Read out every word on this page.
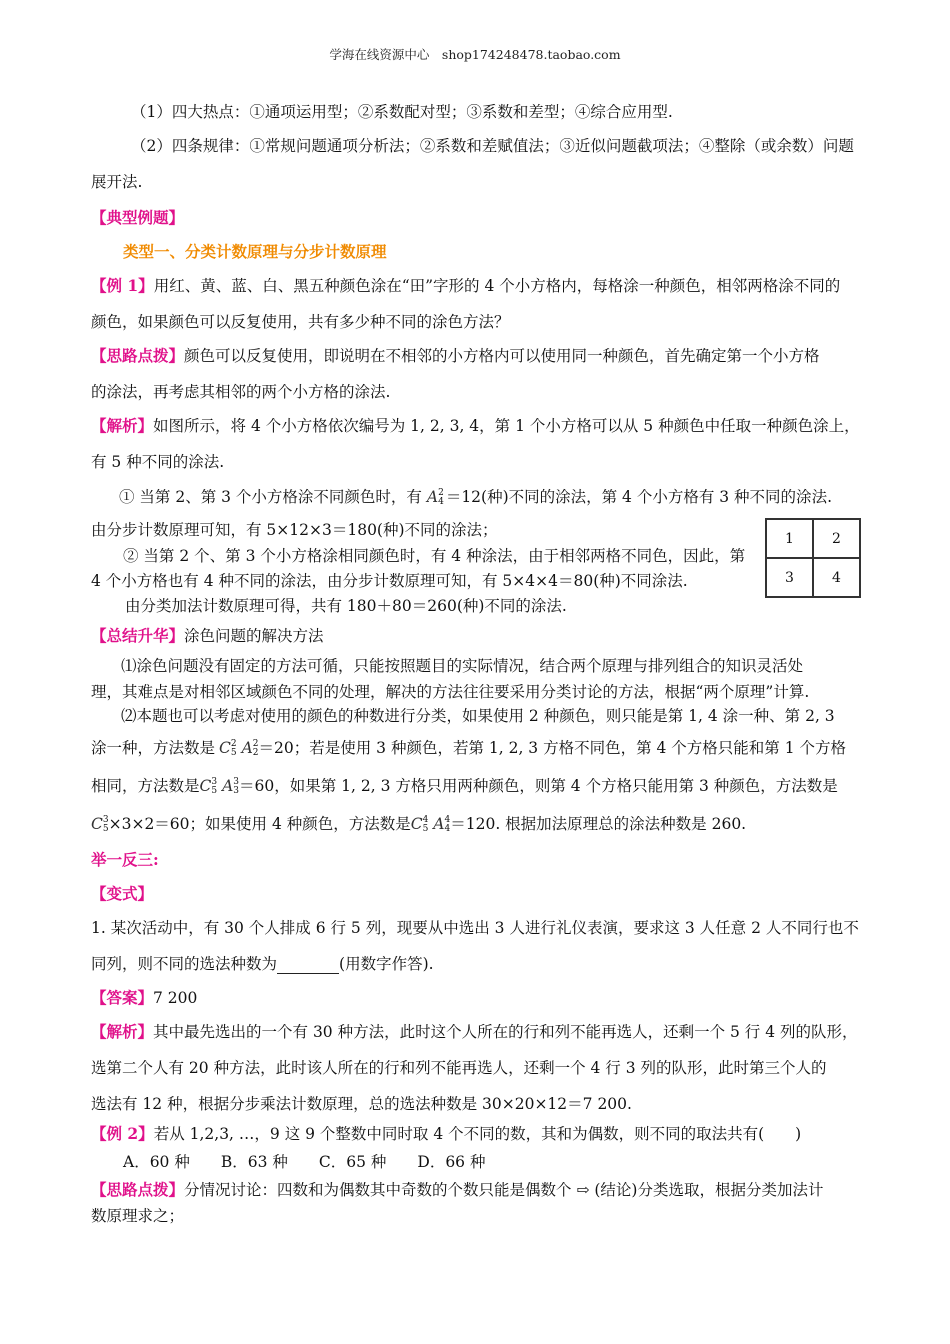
学海在线资源中心　shop174248478.taobao.com
（1）四大热点：①通项运用型；②系数配对型；③系数和差型；④综合应用型.
（2）四条规律：①常规问题通项分析法；②系数和差赋值法；③近似问题截项法；④整除（或余数）问题
展开法.
【典型例题】
类型一、分类计数原理与分步计数原理
【例 1】用红、黄、蓝、白、黑五种颜色涂在“田”字形的 4 个小方格内，每格涂一种颜色，相邻两格涂不同的
颜色，如果颜色可以反复使用，共有多少种不同的涂色方法？
【思路点拨】颜色可以反复使用，即说明在不相邻的小方格内可以使用同一种颜色，首先确定第一个小方格
的涂法，再考虑其相邻的两个小方格的涂法.
【解析】如图所示，将 4 个小方格依次编号为 1, 2, 3, 4，第 1 个小方格可以从 5 种颜色中任取一种颜色涂上，
有 5 种不同的涂法.
① 当第 2、第 3 个小方格涂不同颜色时，有 A 2
4 ＝12(种)不同的涂法，第 4 个小方格有 3 种不同的涂法.
由分步计数原理可知，有 5×12×3＝180(种)不同的涂法；
② 当第 2 个、第 3 个小方格涂相同颜色时，有 4 种涂法，由于相邻两格不同色，因此，第
4 个小方格也有 4 种不同的涂法，由分步计数原理可知，有 5×4×4＝80(种)不同涂法.
由分类加法计数原理可得，共有 180＋80＝260(种)不同的涂法.
1	2
3	4
【总结升华】涂色问题的解决方法
⑴涂色问题没有固定的方法可循，只能按照题目的实际情况，结合两个原理与排列组合的知识灵活处
理，其难点是对相邻区域颜色不同的处理，解决的方法往往要采用分类讨论的方法，根据“两个原理”计算.
⑵本题也可以考虑对使用的颜色的种数进行分类，如果使用 2 种颜色，则只能是第 1, 4 涂一种、第 2, 3
涂一种，方法数是 C 2
5 A 2
2 ＝20；若是使用 3 种颜色，若第 1, 2, 3 方格不同色，第 4 个方格只能和第 1 个方格
相同，方法数是C 3
5 A 3
3 ＝60，如果第 1, 2, 3 方格只用两种颜色，则第 4 个方格只能用第 3 种颜色，方法数是
C 3
5 ×3×2＝60；如果使用 4 种颜色，方法数是C 4
5 A 4
4 ＝120. 根据加法原理总的涂法种数是 260.
举一反三:
【变式】
1. 某次活动中，有 30 个人排成 6 行 5 列，现要从中选出 3 人进行礼仪表演，要求这 3 人任意 2 人不同行也不
同列，则不同的选法种数为	(用数字作答).
【答案】7 200
【解析】其中最先选出的一个有 30 种方法，此时这个人所在的行和列不能再选人，还剩一个 5 行 4 列的队形，
选第二个人有 20 种方法，此时该人所在的行和列不能再选人，还剩一个 4 行 3 列的队形，此时第三个人的
选法有 12 种，根据分步乘法计数原理，总的选法种数是 30×20×12＝7 200.
【例 2】若从 1,2,3, …，9 这 9 个整数中同时取 4 个不同的数，其和为偶数，则不同的取法共有(　　)
A．60 种　　B．63 种　　C．65 种　　D．66 种
【思路点拨】分情况讨论：四数和为偶数其中奇数的个数只能是偶数个 ⇨ (结论)分类选取，根据分类加法计
数原理求之；
